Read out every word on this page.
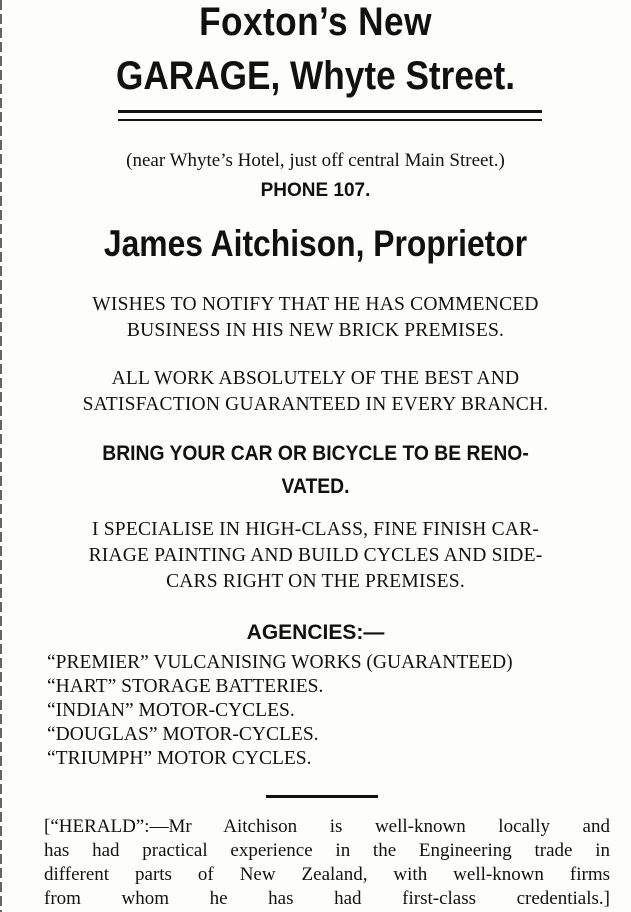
Foxton’s New
GARAGE, Whyte Street.
(near Whyte’s Hotel, just off central Main Street.)
PHONE 107.
James Aitchison, Proprietor
WISHES TO NOTIFY THAT HE HAS COMMENCED
BUSINESS IN HIS NEW BRICK PREMISES.
ALL WORK ABSOLUTELY OF THE BEST AND
SATISFACTION GUARANTEED IN EVERY BRANCH.
BRING YOUR CAR OR BICYCLE TO BE RENO-
VATED.
I SPECIALISE IN HIGH-CLASS, FINE FINISH CAR-
RIAGE PAINTING AND BUILD CYCLES AND SIDE-
CARS RIGHT ON THE PREMISES.
AGENCIES:—
“PREMIER” VULCANISING WORKS (GUARANTEED)
“HART” STORAGE BATTERIES.
“INDIAN” MOTOR-CYCLES.
“DOUGLAS” MOTOR-CYCLES.
“TRIUMPH” MOTOR CYCLES.
[“HERALD”:—Mr Aitchison is well-known locally and
has had practical experience in the Engineering trade in
different parts of New Zealand, with well-known firms
from whom he has had first-class credentials.]
